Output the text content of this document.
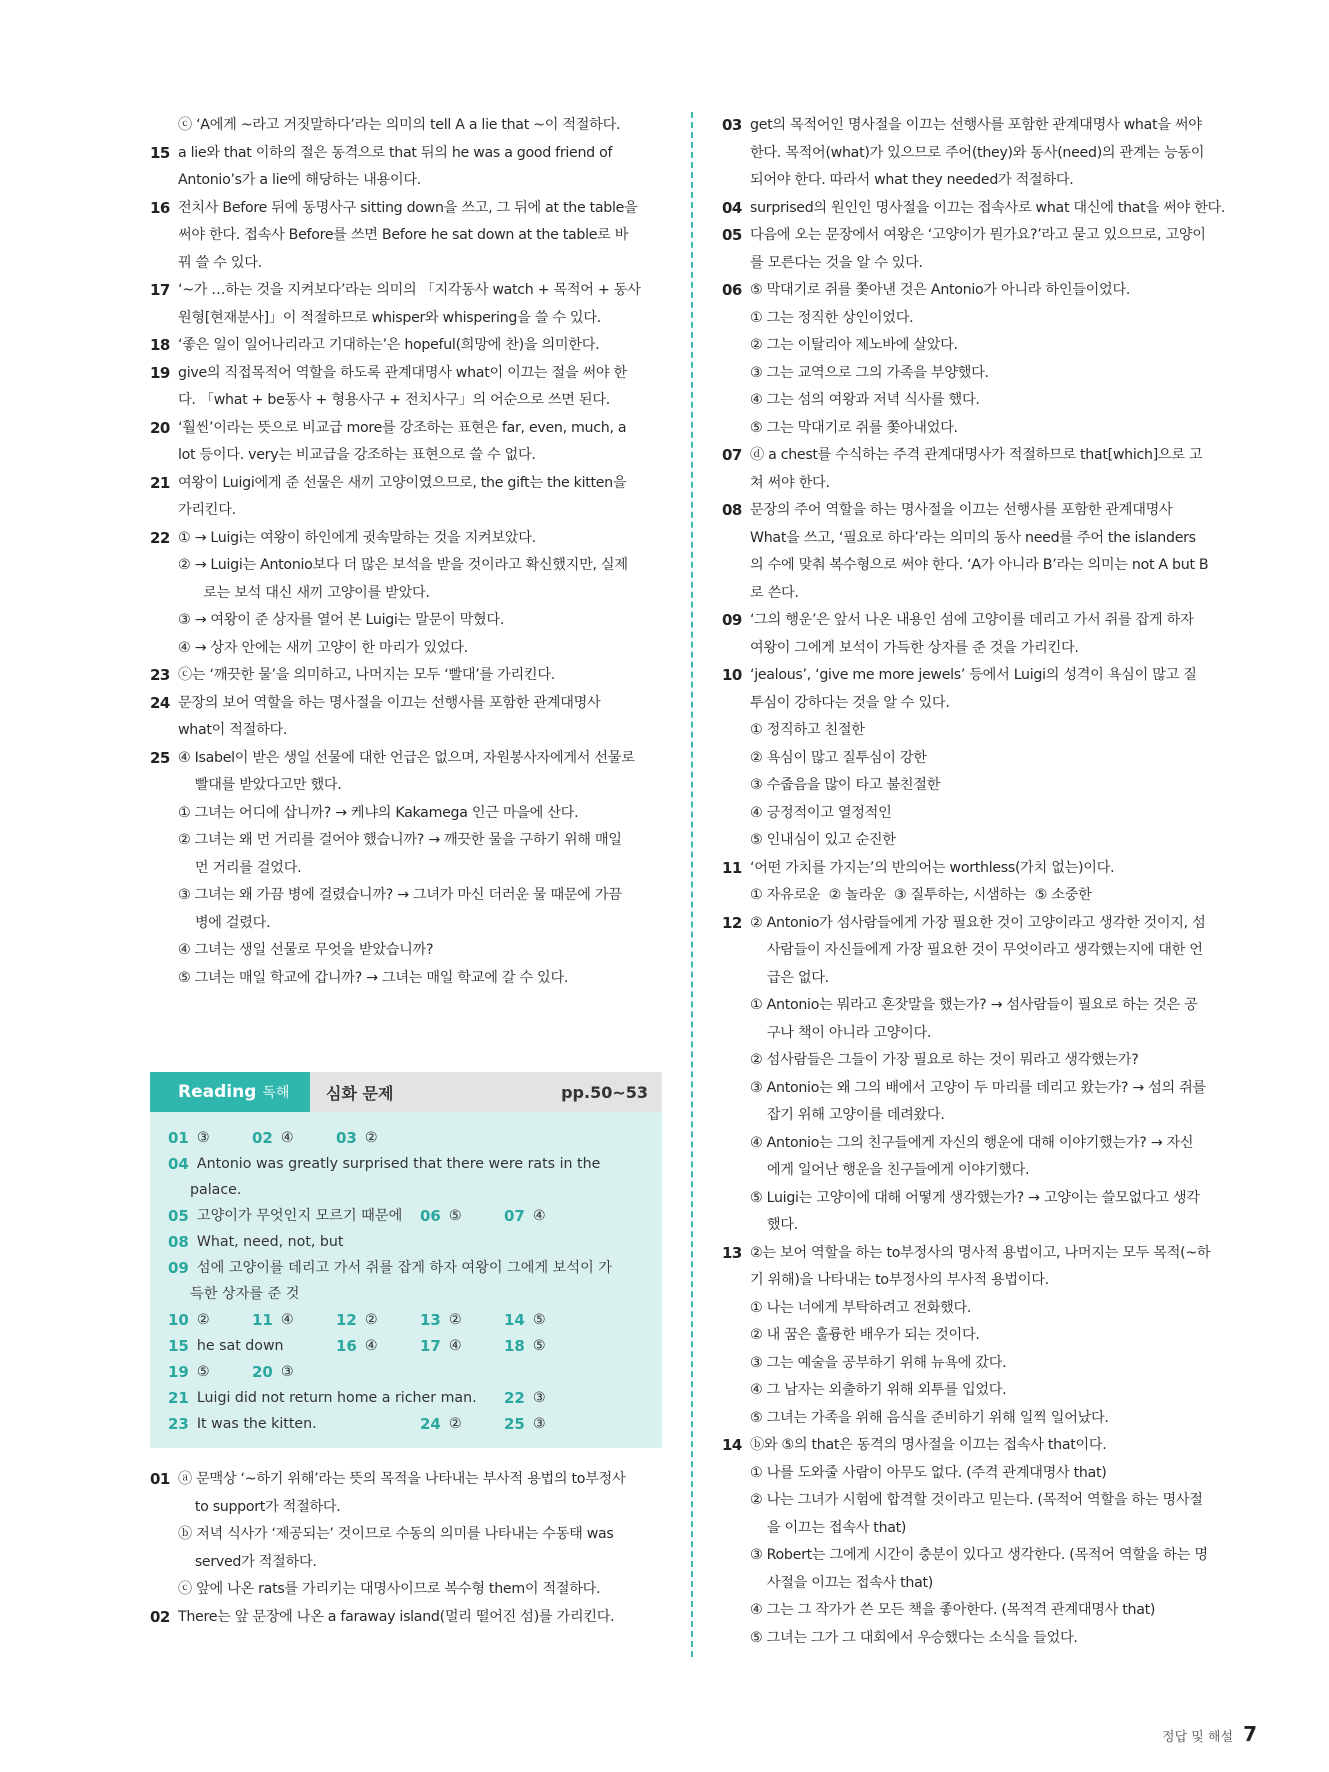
ⓒ ‘A에게 ~라고 거짓말하다’라는 의미의 tell A a lie that ~이 적절하다.
15 a lie와 that 이하의 절은 동격으로 that 뒤의 he was a good friend of
Antonio’s가 a lie에 해당하는 내용이다.
16 전치사 Before 뒤에 동명사구 sitting down을 쓰고, 그 뒤에 at the table을
써야 한다. 접속사 Before를 쓰면 Before he sat down at the table로 바
꿔 쓸 수 있다.
17 ‘~가 …하는 것을 지켜보다’라는 의미의 「지각동사 watch + 목적어 + 동사
원형[현재분사]」이 적절하므로 whisper와 whispering을 쓸 수 있다.
18 ‘좋은 일이 일어나리라고 기대하는’은 hopeful(희망에 찬)을 의미한다.
19 give의 직접목적어 역할을 하도록 관계대명사 what이 이끄는 절을 써야 한
다. 「what + be동사 + 형용사구 + 전치사구」의 어순으로 쓰면 된다.
20 ‘훨씬’이라는 뜻으로 비교급 more를 강조하는 표현은 far, even, much, a
lot 등이다. very는 비교급을 강조하는 표현으로 쓸 수 없다.
21 여왕이 Luigi에게 준 선물은 새끼 고양이였으므로, the gift는 the kitten을
가리킨다.
22 ① → Luigi는 여왕이 하인에게 귓속말하는 것을 지켜보았다.
② → Luigi는 Antonio보다 더 많은 보석을 받을 것이라고 확신했지만, 실제
로는 보석 대신 새끼 고양이를 받았다.
③ → 여왕이 준 상자를 열어 본 Luigi는 말문이 막혔다.
④ → 상자 안에는 새끼 고양이 한 마리가 있었다.
23 ⓒ는 ‘깨끗한 물’을 의미하고, 나머지는 모두 ‘빨대’를 가리킨다.
24 문장의 보어 역할을 하는 명사절을 이끄는 선행사를 포함한 관계대명사
what이 적절하다.
25 ④ Isabel이 받은 생일 선물에 대한 언급은 없으며, 자원봉사자에게서 선물로
빨대를 받았다고만 했다.
① 그녀는 어디에 삽니까? → 케냐의 Kakamega 인근 마을에 산다.
② 그녀는 왜 먼 거리를 걸어야 했습니까? → 깨끗한 물을 구하기 위해 매일
먼 거리를 걸었다.
③ 그녀는 왜 가끔 병에 걸렸습니까? → 그녀가 마신 더러운 물 때문에 가끔
병에 걸렸다.
④ 그녀는 생일 선물로 무엇을 받았습니까?
⑤ 그녀는 매일 학교에 갑니까? → 그녀는 매일 학교에 갈 수 있다.
Reading 독해 심화 문제	pp.50~53
01 ③	02 ④	03 ②
04 Antonio was greatly surprised that there were rats in the
palace.
05 고양이가 무엇인지 모르기 때문에 06 ⑤	07 ④
08 What, need, not, but
09 섬에 고양이를 데리고 가서 쥐를 잡게 하자 여왕이 그에게 보석이 가
득한 상자를 준 것
10 ②	11 ④	12 ②	13 ②	14 ⑤
15 he sat down	16 ④	17 ④	18 ⑤
19 ⑤	20 ③
21 Luigi did not return home a richer man. 22 ③
23 It was the kitten.	24 ②	25 ③
01 ⓐ 문맥상 ‘~하기 위해’라는 뜻의 목적을 나타내는 부사적 용법의 to부정사
to support가 적절하다.
ⓑ 저녁 식사가 ‘제공되는’ 것이므로 수동의 의미를 나타내는 수동태 was
served가 적절하다.
ⓒ 앞에 나온 rats를 가리키는 대명사이므로 복수형 them이 적절하다.
02 There는 앞 문장에 나온 a faraway island(멀리 떨어진 섬)를 가리킨다.
03 get의 목적어인 명사절을 이끄는 선행사를 포함한 관계대명사 what을 써야
한다. 목적어(what)가 있으므로 주어(they)와 동사(need)의 관계는 능동이
되어야 한다. 따라서 what they needed가 적절하다.
04 surprised의 원인인 명사절을 이끄는 접속사로 what 대신에 that을 써야 한다.
05 다음에 오는 문장에서 여왕은 ‘고양이가 뭔가요?’라고 묻고 있으므로, 고양이
를 모른다는 것을 알 수 있다.
06 ⑤ 막대기로 쥐를 쫓아낸 것은 Antonio가 아니라 하인들이었다.
① 그는 정직한 상인이었다.
② 그는 이탈리아 제노바에 살았다.
③ 그는 교역으로 그의 가족을 부양했다.
④ 그는 섬의 여왕과 저녁 식사를 했다.
⑤ 그는 막대기로 쥐를 쫓아내었다.
07 ⓓ a chest를 수식하는 주격 관계대명사가 적절하므로 that[which]으로 고
쳐 써야 한다.
08 문장의 주어 역할을 하는 명사절을 이끄는 선행사를 포함한 관계대명사
What을 쓰고, ‘필요로 하다’라는 의미의 동사 need를 주어 the islanders
의 수에 맞춰 복수형으로 써야 한다. ‘A가 아니라 B’라는 의미는 not A but B
로 쓴다.
09 ‘그의 행운’은 앞서 나온 내용인 섬에 고양이를 데리고 가서 쥐를 잡게 하자
여왕이 그에게 보석이 가득한 상자를 준 것을 가리킨다.
10 ‘jealous’, ‘give me more jewels’ 등에서 Luigi의 성격이 욕심이 많고 질
투심이 강하다는 것을 알 수 있다.
① 정직하고 친절한
② 욕심이 많고 질투심이 강한
③ 수줍음을 많이 타고 불친절한
④ 긍정적이고 열정적인
⑤ 인내심이 있고 순진한
11 ‘어떤 가치를 가지는’의 반의어는 worthless(가치 없는)이다.
① 자유로운  ② 놀라운  ③ 질투하는, 시샘하는  ⑤ 소중한
12 ② Antonio가 섬사람들에게 가장 필요한 것이 고양이라고 생각한 것이지, 섬
사람들이 자신들에게 가장 필요한 것이 무엇이라고 생각했는지에 대한 언
급은 없다.
① Antonio는 뭐라고 혼잣말을 했는가? → 섬사람들이 필요로 하는 것은 공
구나 책이 아니라 고양이다.
② 섬사람들은 그들이 가장 필요로 하는 것이 뭐라고 생각했는가?
③ Antonio는 왜 그의 배에서 고양이 두 마리를 데리고 왔는가? → 섬의 쥐를
잡기 위해 고양이를 데려왔다.
④ Antonio는 그의 친구들에게 자신의 행운에 대해 이야기했는가? → 자신
에게 일어난 행운을 친구들에게 이야기했다.
⑤ Luigi는 고양이에 대해 어떻게 생각했는가? → 고양이는 쓸모없다고 생각
했다.
13 ②는 보어 역할을 하는 to부정사의 명사적 용법이고, 나머지는 모두 목적(~하
기 위해)을 나타내는 to부정사의 부사적 용법이다.
① 나는 너에게 부탁하려고 전화했다.
② 내 꿈은 훌륭한 배우가 되는 것이다.
③ 그는 예술을 공부하기 위해 뉴욕에 갔다.
④ 그 남자는 외출하기 위해 외투를 입었다.
⑤ 그녀는 가족을 위해 음식을 준비하기 위해 일찍 일어났다.
14 ⓑ와 ⑤의 that은 동격의 명사절을 이끄는 접속사 that이다.
① 나를 도와줄 사람이 아무도 없다. (주격 관계대명사 that)
② 나는 그녀가 시험에 합격할 것이라고 믿는다. (목적어 역할을 하는 명사절
을 이끄는 접속사 that)
③ Robert는 그에게 시간이 충분이 있다고 생각한다. (목적어 역할을 하는 명
사절을 이끄는 접속사 that)
④ 그는 그 작가가 쓴 모든 책을 좋아한다. (목적격 관계대명사 that)
⑤ 그녀는 그가 그 대회에서 우승했다는 소식을 들었다.
정답 및 해설 7
